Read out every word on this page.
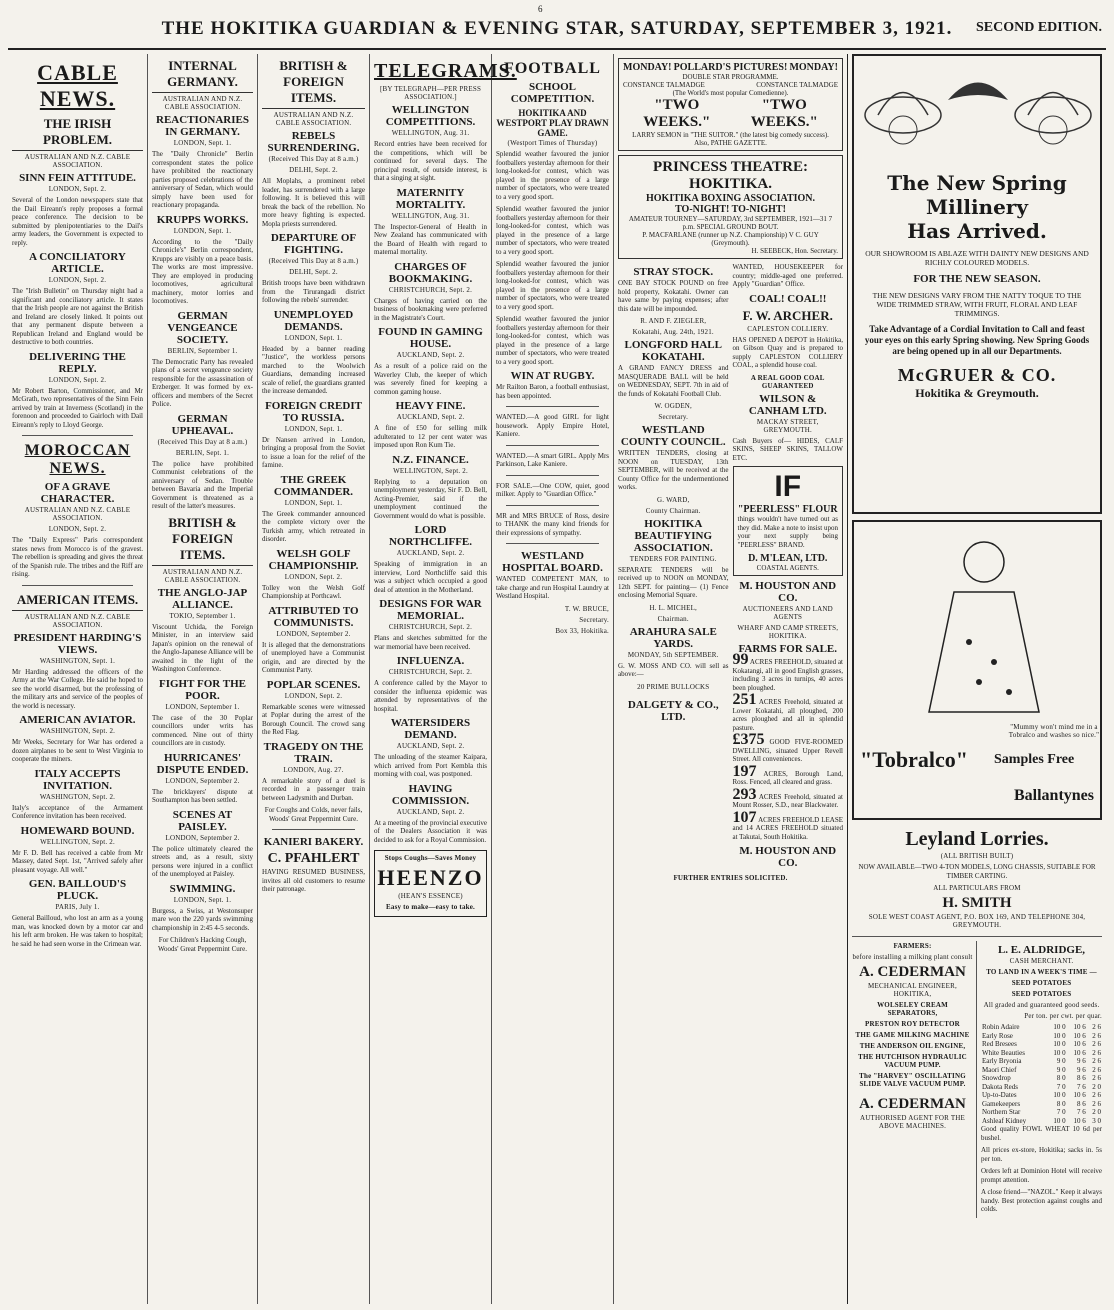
6
THE HOKITIKA GUARDIAN & EVENING STAR, SATURDAY, SEPTEMBER 3, 1921.	SECOND EDITION.
CABLE NEWS.
THE IRISH PROBLEM.
AUSTRALIAN AND N.Z. CABLE ASSOCIATION.
SINN FEIN ATTITUDE.
LONDON, Sept. 2.

Several of the London newspapers state that the Dail Eireann's reply proposes a formal peace conference. The decision to be submitted by plenipotentiaries to the Dail's army leaders, the Government is expected to reply.

A CONCILIATORY ARTICLE.
LONDON, Sept. 2.

The "Irish Bulletin" on Thursday night had a significant and conciliatory article. It states that the Irish people are not against the British and Ireland are closely linked. It points out that any permanent dispute between a Republican Ireland and England would be destructive to both countries.

DELIVERING THE REPLY.
LONDON, Sept. 2.

Mr Robert Barton, Commissioner, and Mr McGrath, two representatives of the Sinn Fein arrived by train at Inverness (Scotland) in the forenoon and proceeded to Gairloch with Dail Eireann's reply to Lloyd George.

MOROCCAN NEWS.
OF A GRAVE CHARACTER.
AUSTRALIAN AND N.Z. CABLE ASSOCIATION.
LONDON, Sept. 2.

The "Daily Express" Paris correspondent states news from Morocco is of the gravest. The rebellion is spreading and gives the threat of the Spanish rule. The tribes and the Riff are rising.

AMERICAN ITEMS.
AUSTRALIAN AND N.Z. CABLE ASSOCIATION.
PRESIDENT HARDING'S VIEWS.
WASHINGTON, Sept. 1.

Mr Harding addressed the officers of the Army at the War College. He said he hoped to see the world disarmed, but the professing of the military arts and service of the peoples of the world is necessary.

AMERICAN AVIATOR.
WASHINGTON, Sept. 2.

Mr Weeks, Secretary for War has ordered a dozen airplanes to be sent to West Virginia to cooperate the miners.

ITALY ACCEPTS INVITATION.
WASHINGTON, Sept. 2.

Italy's acceptance of the Armament Conference invitation has been received.

HOMEWARD BOUND.
WELLINGTON, Sept. 2.

Mr F. D. Bell has received a cable from Mr Massey, dated Sept. 1st, "Arrived safely after pleasant voyage. All well."

GEN. BAILLOUD'S PLUCK.
PARIS, July 1.

General Bailloud, who lost an arm as a young man, was knocked down by a motor car and his left arm broken. He was taken to hospital; he said he had seen worse in the Crimean war.

INTERNAL GERMANY.
AUSTRALIAN AND N.Z. CABLE ASSOCIATION.
REACTIONARIES IN GERMANY.
LONDON, Sept. 1.

The "Daily Chronicle" Berlin correspondent states the police have prohibited the reactionary parties proposed celebrations of the anniversary of Sedan, which would simply have been used for reactionary propaganda.

KRUPPS WORKS.
LONDON, Sept. 1.

According to the "Daily Chronicle's" Berlin correspondent, Krupps are visibly on a peace basis. The works are most impressive. They are employed in producing locomotives, agricultural machinery, motor lorries and locomotives.

GERMAN VENGEANCE SOCIETY.
BERLIN, September 1.

The Democratic Party has revealed plans of a secret vengeance society responsible for the assassination of Erzberger. It was formed by ex-officers and members of the Secret Police.

GERMAN UPHEAVAL.
(Received This Day at 8 a.m.)
BERLIN, Sept. 1.

The police have prohibited Communist celebrations of the anniversary of Sedan. Trouble between Bavaria and the Imperial Government is threatened as a result of the latter's measures.

BRITISH & FOREIGN ITEMS.
AUSTRALIAN AND N.Z. CABLE ASSOCIATION.
THE ANGLO-JAP ALLIANCE.
TOKIO, September 1.

Viscount Uchida, the Foreign Minister, in an interview said Japan's opinion on the renewal of the Anglo-Japanese Alliance will be awaited in the light of the Washington Conference.

FIGHT FOR THE POOR.
LONDON, September 1.

The case of the 30 Poplar councillors under writs has commenced. Nine out of thirty councillors are in custody.

HURRICANES' DISPUTE ENDED.
LONDON, September 2.

The bricklayers' dispute at Southampton has been settled.

SCENES AT PAISLEY.
LONDON, September 2.

The police ultimately cleared the streets and, as a result, sixty persons were injured in a conflict of the unemployed at Paisley.

SWIMMING.
LONDON, Sept. 1.

Burgess, a Swiss, at Westonsuper mare won the 220 yards swimming championship in 2:45 4-5 seconds.

For Children's Hacking Cough, Woods' Great Peppermint Cure.

BRITISH & FOREIGN ITEMS.
AUSTRALIAN AND N.Z. CABLE ASSOCIATION.
REBELS SURRENDERING.
(Received This Day at 8 a.m.)
DELHI, Sept. 2.

All Moplahs, a prominent rebel leader, has surrendered with a large following. It is believed this will break the back of the rebellion. No more heavy fighting is expected. Mopla priests surrendered.

DEPARTURE OF FIGHTING.
(Received This Day at 8 a.m.)
DELHI, Sept. 2.

British troops have been withdrawn from the Tirurangadi district following the rebels' surrender.

UNEMPLOYED DEMANDS.
LONDON, Sept. 1.

Headed by a banner reading "Justice", the workless persons marched to the Woolwich Guardians, demanding increased scale of relief, the guardians granted the increase demanded.

FOREIGN CREDIT TO RUSSIA.
LONDON, Sept. 1.

Dr Nansen arrived in London, bringing a proposal from the Soviet to issue a loan for the relief of the famine.

THE GREEK COMMANDER.
LONDON, Sept. 1.

The Greek commander announced the complete victory over the Turkish army, which retreated in disorder.

WELSH GOLF CHAMPIONSHIP.
LONDON, Sept. 2.

Tolley won the Welsh Golf Championship at Porthcawl.

ATTRIBUTED TO COMMUNISTS.
LONDON, September 2.

It is alleged that the demonstrations of unemployed have a Communist origin, and are directed by the Communist Party.

POPLAR SCENES.
LONDON, Sept. 2.

Remarkable scenes were witnessed at Poplar during the arrest of the Borough Council. The crowd sang the Red Flag.

TRAGEDY ON THE TRAIN.
LONDON, Aug. 27.

A remarkable story of a duel is recorded in a passenger train between Ladysmith and Durban.

For Coughs and Colds, never fails, Woods' Great Peppermint Cure.

KANIERI BAKERY.
C. PFAHLERT

HAVING RESUMED BUSINESS, invites all old customers to resume their patronage.

TELEGRAMS.
[BY TELEGRAPH—PER PRESS ASSOCIATION.]
WELLINGTON COMPETITIONS.
WELLINGTON, Aug. 31.

Record entries have been received for the competitions, which will be continued for several days. The principal result, of outside interest, is that a singing at sight.

MATERNITY MORTALITY.
WELLINGTON, Aug. 31.

The Inspector-General of Health in New Zealand has communicated with the Board of Health with regard to maternal mortality.

CHARGES OF BOOKMAKING.
CHRISTCHURCH, Sept. 2.

Charges of having carried on the business of bookmaking were preferred in the Magistrate's Court.

FOUND IN GAMING HOUSE.
AUCKLAND, Sept. 2.

As a result of a police raid on the Waverley Club, the keeper of which was severely fined for keeping a common gaming house.

HEAVY FINE.
AUCKLAND, Sept. 2.

A fine of £50 for selling milk adulterated to 12 per cent water was imposed upon Ron Kum Tie.

N.Z. FINANCE.
WELLINGTON, Sept. 2.

Replying to a deputation on unemployment yesterday, Sir F. D. Bell, Acting-Premier, said if the unemployment continued the Government would do what is possible.

LORD NORTHCLIFFE.
AUCKLAND, Sept. 2.

Speaking of immigration in an interview, Lord Northcliffe said this was a subject which occupied a good deal of attention in the Motherland.

DESIGNS FOR WAR MEMORIAL.
CHRISTCHURCH, Sept. 2.

Plans and sketches submitted for the war memorial have been received.

INFLUENZA.
CHRISTCHURCH, Sept. 2.

A conference called by the Mayor to consider the influenza epidemic was attended by representatives of the hospital.

WATERSIDERS DEMAND.
AUCKLAND, Sept. 2.

The unloading of the steamer Kaipara, which arrived from Port Kembla this morning with coal, was postponed.

HAVING COMMISSION.
AUCKLAND, Sept. 2.

At a meeting of the provincial executive of the Dealers Association it was decided to ask for a Royal Commission.

Stops Coughs—Saves Money
HEENZO
(HEAN'S ESSENCE)
Easy to make—easy to take.
FOOTBALL
SCHOOL COMPETITION.
HOKITIKA AND WESTPORT PLAY DRAWN GAME.
(Westport Times of Thursday)

Splendid weather favoured the junior footballers yesterday afternoon for their long-looked-for contest, which was played in the presence of a large number of spectators, who were treated to a very good sport.

Splendid weather favoured the junior footballers yesterday afternoon for their long-looked-for contest, which was played in the presence of a large number of spectators, who were treated to a very good sport.

Splendid weather favoured the junior footballers yesterday afternoon for their long-looked-for contest, which was played in the presence of a large number of spectators, who were treated to a very good sport.

Splendid weather favoured the junior footballers yesterday afternoon for their long-looked-for contest, which was played in the presence of a large number of spectators, who were treated to a very good sport.

WIN AT RUGBY.

Mr Railton Baron, a football enthusiast, has been appointed.

WANTED.—A good GIRL for light housework. Apply Empire Hotel, Kaniere.

WANTED.—A smart GIRL. Apply Mrs Parkinson, Lake Kaniere.

FOR SALE.—One COW, quiet, good milker. Apply to "Guardian Office."

MR and MRS BRUCE of Ross, desire to THANK the many kind friends for their expressions of sympathy.

WESTLAND HOSPITAL BOARD.

WANTED COMPETENT MAN, to take charge and run Hospital Laundry at Westland Hospital.

T. W. BRUCE,
Secretary.
Box 33, Hokitika.
MONDAY! POLLARD'S PICTURES! MONDAY!
DOUBLE STAR PROGRAMME.
CONSTANCE TALMADGE	CONSTANCE TALMADGE
(The World's most popular Comedienne).
"TWO WEEKS."
"TWO WEEKS."
LARRY SEMON in "THE SUITOR." (the latest big comedy success).
Also, PATHE GAZETTE.
PRINCESS THEATRE: HOKITIKA.
HOKITIKA BOXING ASSOCIATION.
TO-NIGHT! TO-NIGHT!
AMATEUR TOURNEY—SATURDAY, 3rd SEPTEMBER, 1921—31 7 p.m. SPECIAL GROUND BOUT.
P. MACFARLANE (runner up N.Z. Championship) V C. GUY (Greymouth).
H. SEEBECK, Hon. Secretary.
STRAY STOCK.

ONE BAY STOCK POUND on free hold property, Kokatahi. Owner can have same by paying expenses; after this date will be impounded.

R. AND F. ZIEGLER,
Kokatahi, Aug. 24th, 1921.
LONGFORD HALL KOKATAHI.

A GRAND FANCY DRESS and MASQUERADE BALL will be held on WEDNESDAY, SEPT. 7th in aid of the funds of Kokatahi Football Club.

W. OGDEN,
Secretary.
WESTLAND COUNTY COUNCIL.

WRITTEN TENDERS, closing at NOON on TUESDAY, 13th SEPTEMBER, will be received at the County Office for the undermentioned works.

G. WARD,
County Chairman.
HOKITIKA BEAUTIFYING ASSOCIATION.
TENDERS FOR PAINTING.

SEPARATE TENDERS will be received up to NOON on MONDAY, 12th SEPT. for painting— (1) Fence enclosing Memorial Square.

H. L. MICHEL,
Chairman.
ARAHURA SALE YARDS.
MONDAY, 5th SEPTEMBER.

G. W. MOSS AND CO. will sell as above:—

20 PRIME BULLOCKS
DALGETY & CO., LTD.

WANTED, HOUSEKEEPER for country; middle-aged one preferred. Apply "Guardian" Office.

COAL! COAL!!
F. W. ARCHER.
CAPLESTON COLLIERY.

HAS OPENED A DEPOT in Hokitika, on Gibson Quay and is prepared to supply CAPLESTON COLLIERY COAL, a splendid house coal.

A REAL GOOD COAL GUARANTEED
WILSON & CANHAM LTD.
MACKAY STREET, GREYMOUTH.

Cash Buyers of— HIDES, CALF SKINS, SHEEP SKINS, TALLOW ETC.

IF
"PEERLESS" FLOUR

things wouldn't have turned out as they did. Make a note to insist upon your next supply being "PEERLESS" BRAND.

D. M'LEAN, LTD.
COASTAL AGENTS.
M. HOUSTON AND CO.
AUCTIONEERS AND LAND AGENTS
WHARF AND CAMP STREETS, HOKITIKA.
FARMS FOR SALE.

99 ACRES FREEHOLD, situated at Kokatangi, all in good English grasses, including 3 acres in turnips, 40 acres been ploughed.

251 ACRES Freehold, situated at Lower Kokatahi, all ploughed, 200 acres ploughed and all in splendid pasture.

£375 GOOD FIVE-ROOMED DWELLING, situated Upper Revell Street. All conveniences.

197 ACRES, Borough Land, Ross. Fenced, all cleared and grass.

293 ACRES Freehold, situated at Mount Rosser, S.D., near Blackwater.

107 ACRES FREEHOLD LEASE and 14 ACRES FREEHOLD situated at Takutai, South Hokitika.

M. HOUSTON AND CO.
FURTHER ENTRIES SOLICITED.
The New Spring Millinery
Has Arrived.
OUR SHOWROOM IS ABLAZE WITH DAINTY NEW DESIGNS AND RICHLY COLOURED MODELS.
FOR THE NEW SEASON.
THE NEW DESIGNS VARY FROM THE NATTY TOQUE TO THE WIDE TRIMMED STRAW, WITH FRUIT, FLORAL AND LEAF TRIMMINGS.
Take Advantage of a Cordial Invitation to Call and feast your eyes on this early Spring showing. New Spring Goods are being opened up in all our Departments.
McGRUER & CO.
Hokitika & Greymouth.
"Mummy won't mind me in a Tobralco and washes so nice."
"Tobralco" Samples Free
Ballantynes
Leyland Lorries.
(ALL BRITISH BUILT)

NOW AVAILABLE—TWO 4-TON MODELS, LONG CHASSIS, SUITABLE FOR TIMBER CARTING.

ALL PARTICULARS FROM
H. SMITH
SOLE WEST COAST AGENT, P.O. BOX 169, AND TELEPHONE 304, GREYMOUTH.
FARMERS:
before installing a milking plant consult
A. CEDERMAN
MECHANICAL ENGINEER, HOKITIKA,
WOLSELEY CREAM SEPARATORS,
PRESTON ROY DETECTOR
THE GAME MILKING MACHINE
THE ANDERSON OIL ENGINE,
THE HUTCHISON HYDRAULIC VACUUM PUMP.
The "HARVEY" OSCILLATING SLIDE VALVE VACUUM PUMP.
A. CEDERMAN
AUTHORISED AGENT FOR THE ABOVE MACHINES.
L. E. ALDRIDGE,
CASH MERCHANT.
TO LAND IN A WEEK'S TIME —
SEED POTATOES
SEED POTATOES
All graded and guaranteed good seeds.
Per ton. per cwt. per quar.
Robin Adaire	10 0	10 6	2 6
Early Rose	10 0	10 6	2 6
Red Bresees	10 0	10 6	2 6
White Beauties	10 0	10 6	2 6
Early Bryonia	9 0	9 6	2 6
Maori Chief	9 0	9 6	2 6
Snowdrop	8 0	8 6	2 6
Dakota Reds	7 0	7 6	2 0
Up-to-Dates	10 0	10 6	2 6
Gamekeepers	8 0	8 6	2 6
Northern Star	7 0	7 6	2 0
Ashleaf Kidney	10 0	10 6	3 0

Good quality FOWL WHEAT 10 6d per bushel.

All prices ex-store, Hokitika; sacks in. 5s per ton.

Orders left at Dominion Hotel will receive prompt attention.

A close friend—"NAZOL." Keep it always handy. Best protection against coughs and colds.
